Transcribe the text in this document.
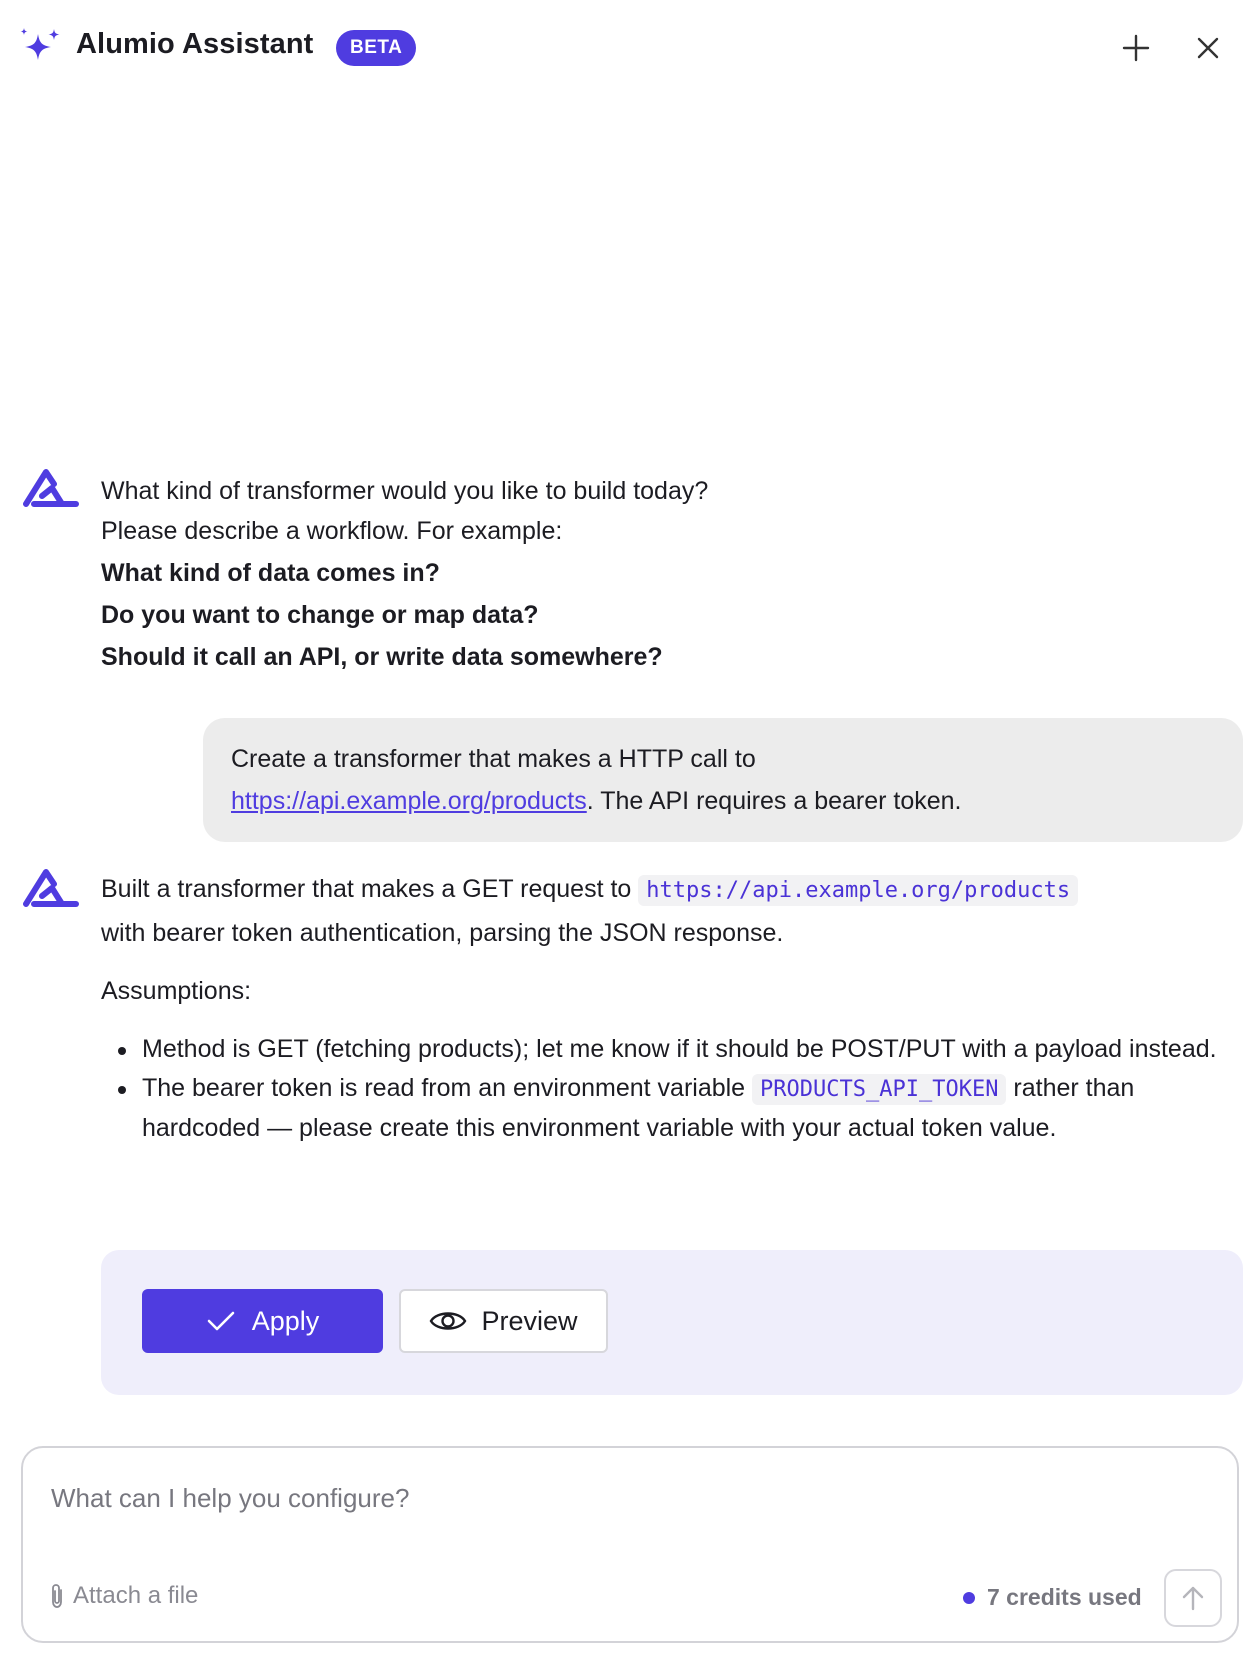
Alumio Assistant	BETA
What kind of transformer would you like to build today?
Please describe a workflow. For example:
What kind of data comes in?
Do you want to change or map data?
Should it call an API, or write data somewhere?
Create a transformer that makes a HTTP call to
https://api.example.org/products. The API requires a bearer token.
Built a transformer that makes a GET request to https://api.example.org/products
with bearer token authentication, parsing the JSON response.
Assumptions:
Method is GET (fetching products); let me know if it should be POST/PUT with a payload instead.
The bearer token is read from an environment variable PRODUCTS_API_TOKEN rather than hardcoded — please create this environment variable with your actual token value.
Apply	Preview
What can I help you configure?
Attach a file	7 credits used
